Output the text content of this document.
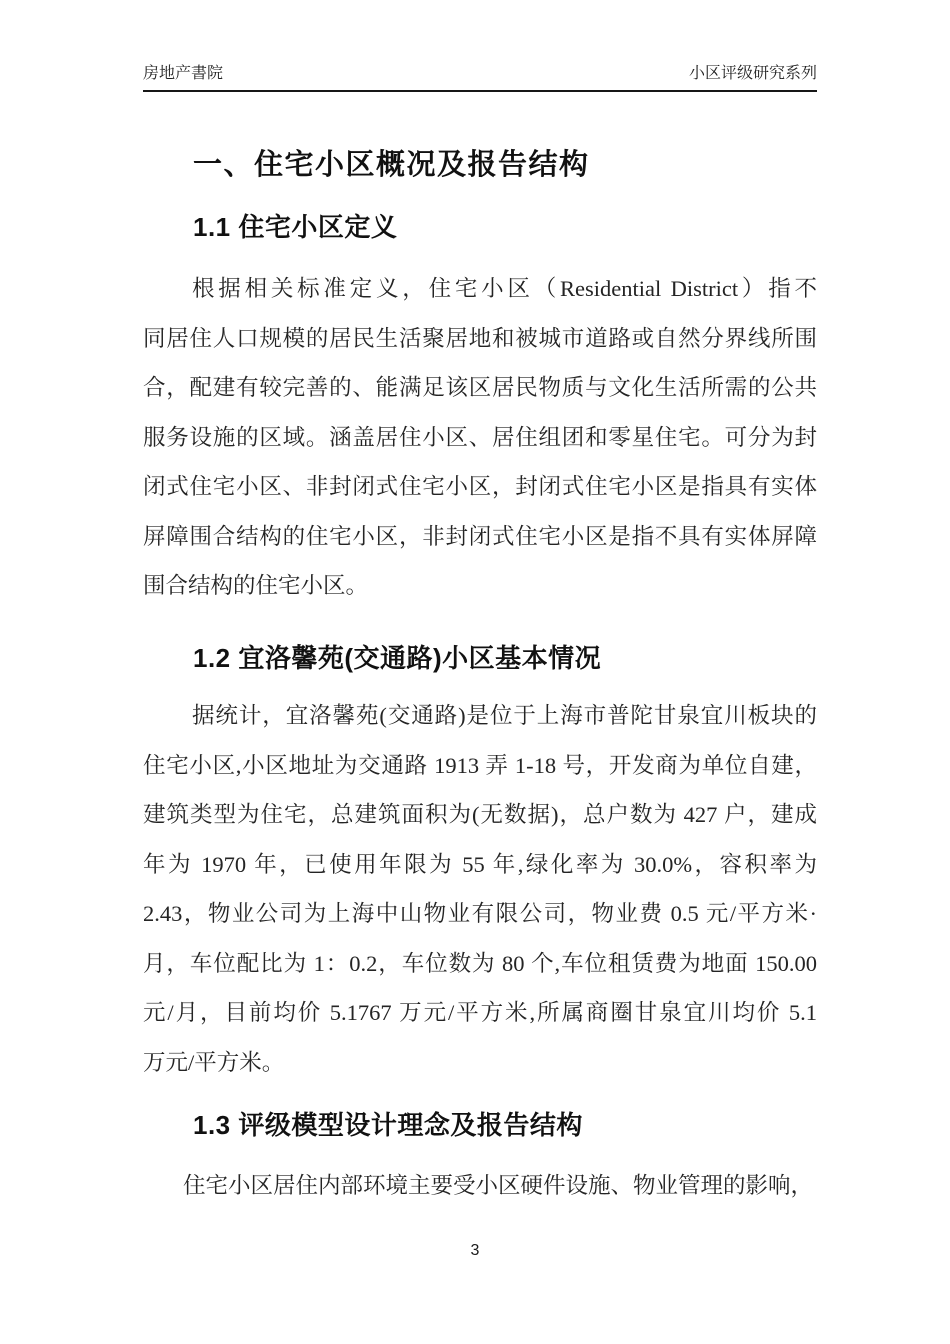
房地产書院	小区评级研究系列
一、住宅小区概况及报告结构
1.1 住宅小区定义
根据相关标准定义，住宅小区（Residential District）指不
同居住人口规模的居民生活聚居地和被城市道路或自然分界线所围
合，配建有较完善的、能满足该区居民物质与文化生活所需的公共
服务设施的区域。涵盖居住小区、居住组团和零星住宅。可分为封
闭式住宅小区、非封闭式住宅小区，封闭式住宅小区是指具有实体
屏障围合结构的住宅小区，非封闭式住宅小区是指不具有实体屏障
围合结构的住宅小区。
1.2 宜洛馨苑(交通路)小区基本情况
据统计，宜洛馨苑(交通路)是位于上海市普陀甘泉宜川板块的
住宅小区,小区地址为交通路 1913 弄 1-18 号，开发商为单位自建，
建筑类型为住宅，总建筑面积为(无数据)，总户数为 427 户，建成
年为 1970 年，已使用年限为 55 年,绿化率为 30.0%，容积率为
2.43，物业公司为上海中山物业有限公司，物业费 0.5 元/平方米·
月，车位配比为 1：0.2，车位数为 80 个,车位租赁费为地面 150.00
元/月，目前均价 5.1767 万元/平方米,所属商圈甘泉宜川均价 5.1
万元/平方米。
1.3 评级模型设计理念及报告结构
住宅小区居住内部环境主要受小区硬件设施、物业管理的影响，
3
